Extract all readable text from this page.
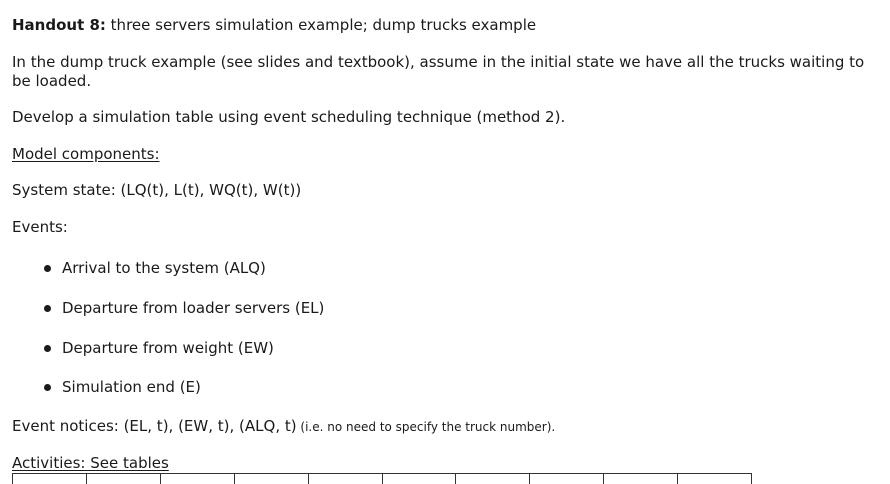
Handout 8: three servers simulation example; dump trucks example
In the dump truck example (see slides and textbook), assume in the initial state we have all the trucks waiting to be loaded.
Develop a simulation table using event scheduling technique (method 2).
Model components:
System state: (LQ(t), L(t), WQ(t), W(t))
Events:
Arrival to the system (ALQ)
Departure from loader servers (EL)
Departure from weight (EW)
Simulation end (E)
Event notices: (EL, t), (EW, t), (ALQ, t) (i.e. no need to specify the truck number).
Activities: See tables
